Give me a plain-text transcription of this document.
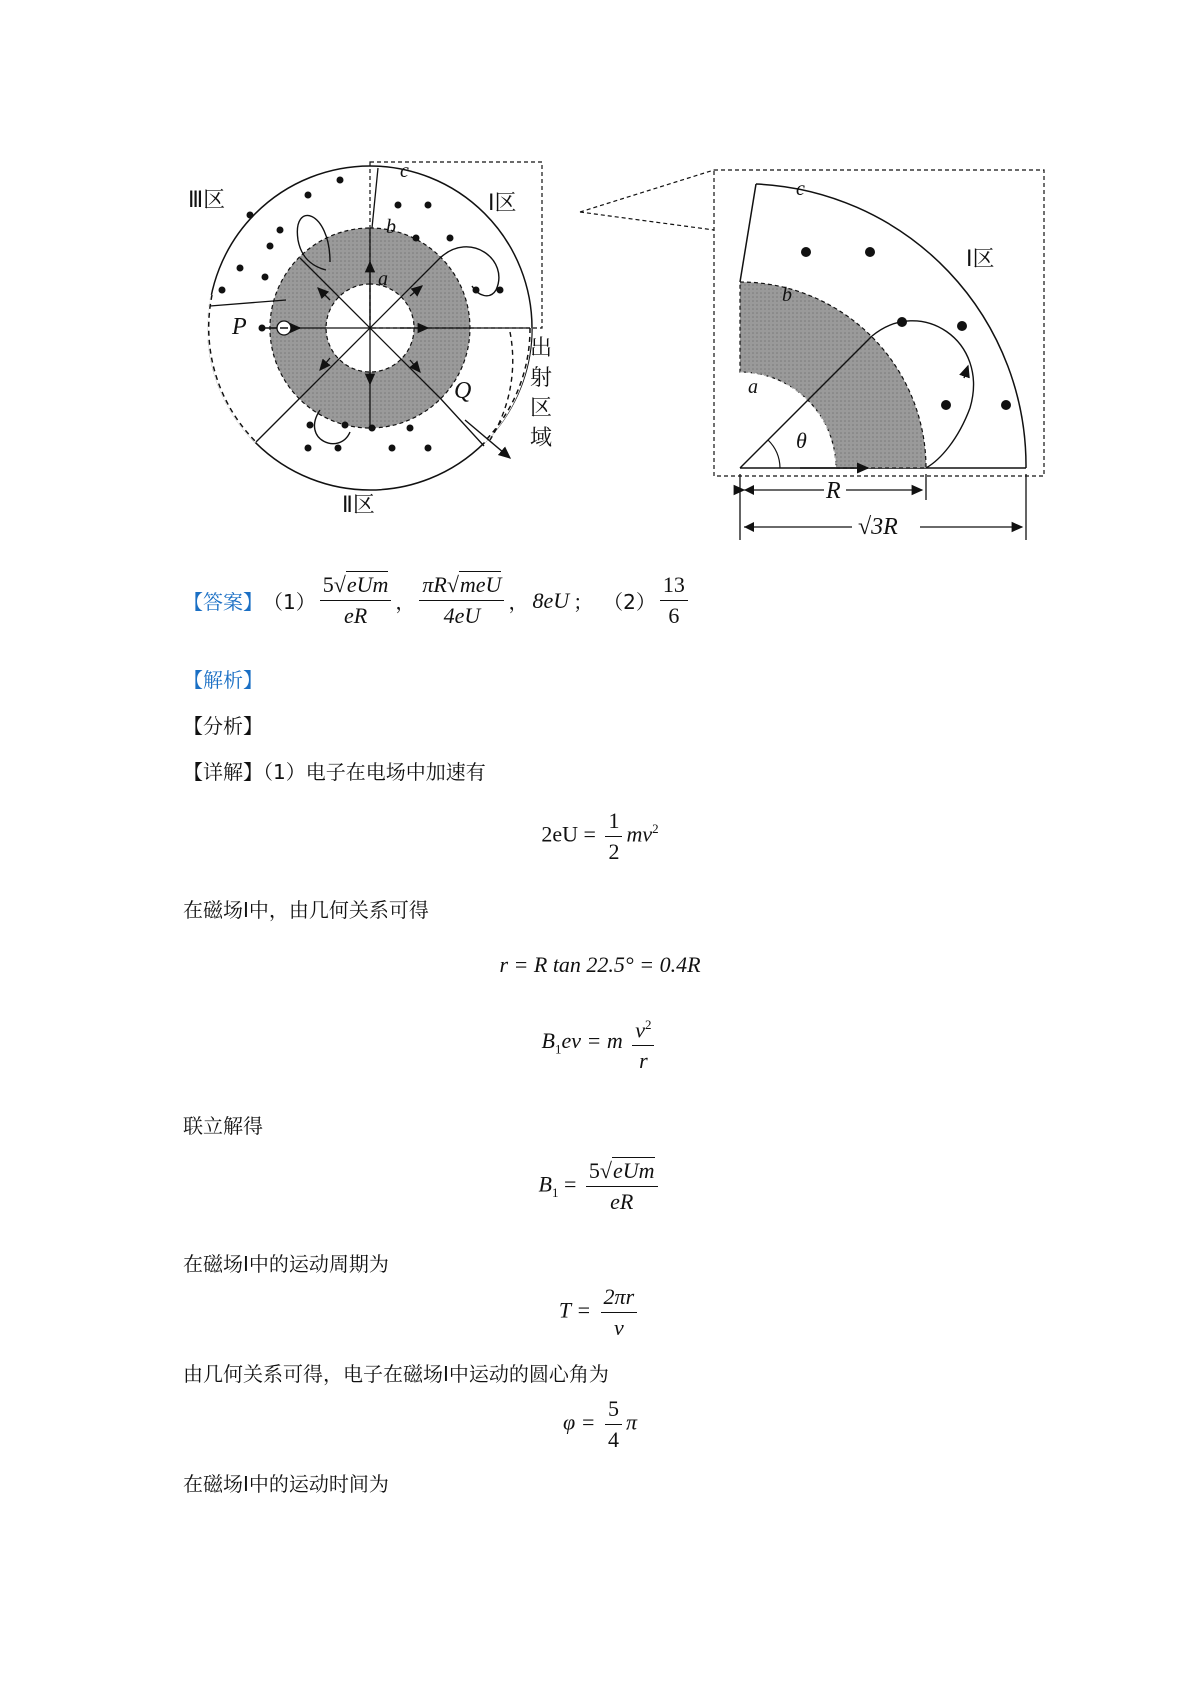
Ⅲ区	Ⅰ区
Ⅱ区
P
Q
a
b
c
出
射
区
域
Ⅰ区
c
b
a
θ
R
√3R
【答案】 $(1) \frac{\text{5√eUm}}{eR}$ ， $\frac{\text{πR√meU}}{4eU}$ ， 8eU ； $(2) \frac{13}{6}$
【解析】
【分析】
【详解】（1）电子在电场中加速有
$2eU = \frac{1}{2} mv^2$
在磁场Ⅰ中，由几何关系可得
r = R tan 22.5° = 0.4R
$B_1ev = m \frac{v^2}{r}$
联立解得
$B_1 = \frac{\text{5√eUm}}{eR}$
在磁场Ⅰ中的运动周期为
$T = \frac{2\pi r}{v}$
由几何关系可得，电子在磁场Ⅰ中运动的圆心角为
$\varphi = \frac{5}{4}$ π
在磁场Ⅰ中的运动时间为
